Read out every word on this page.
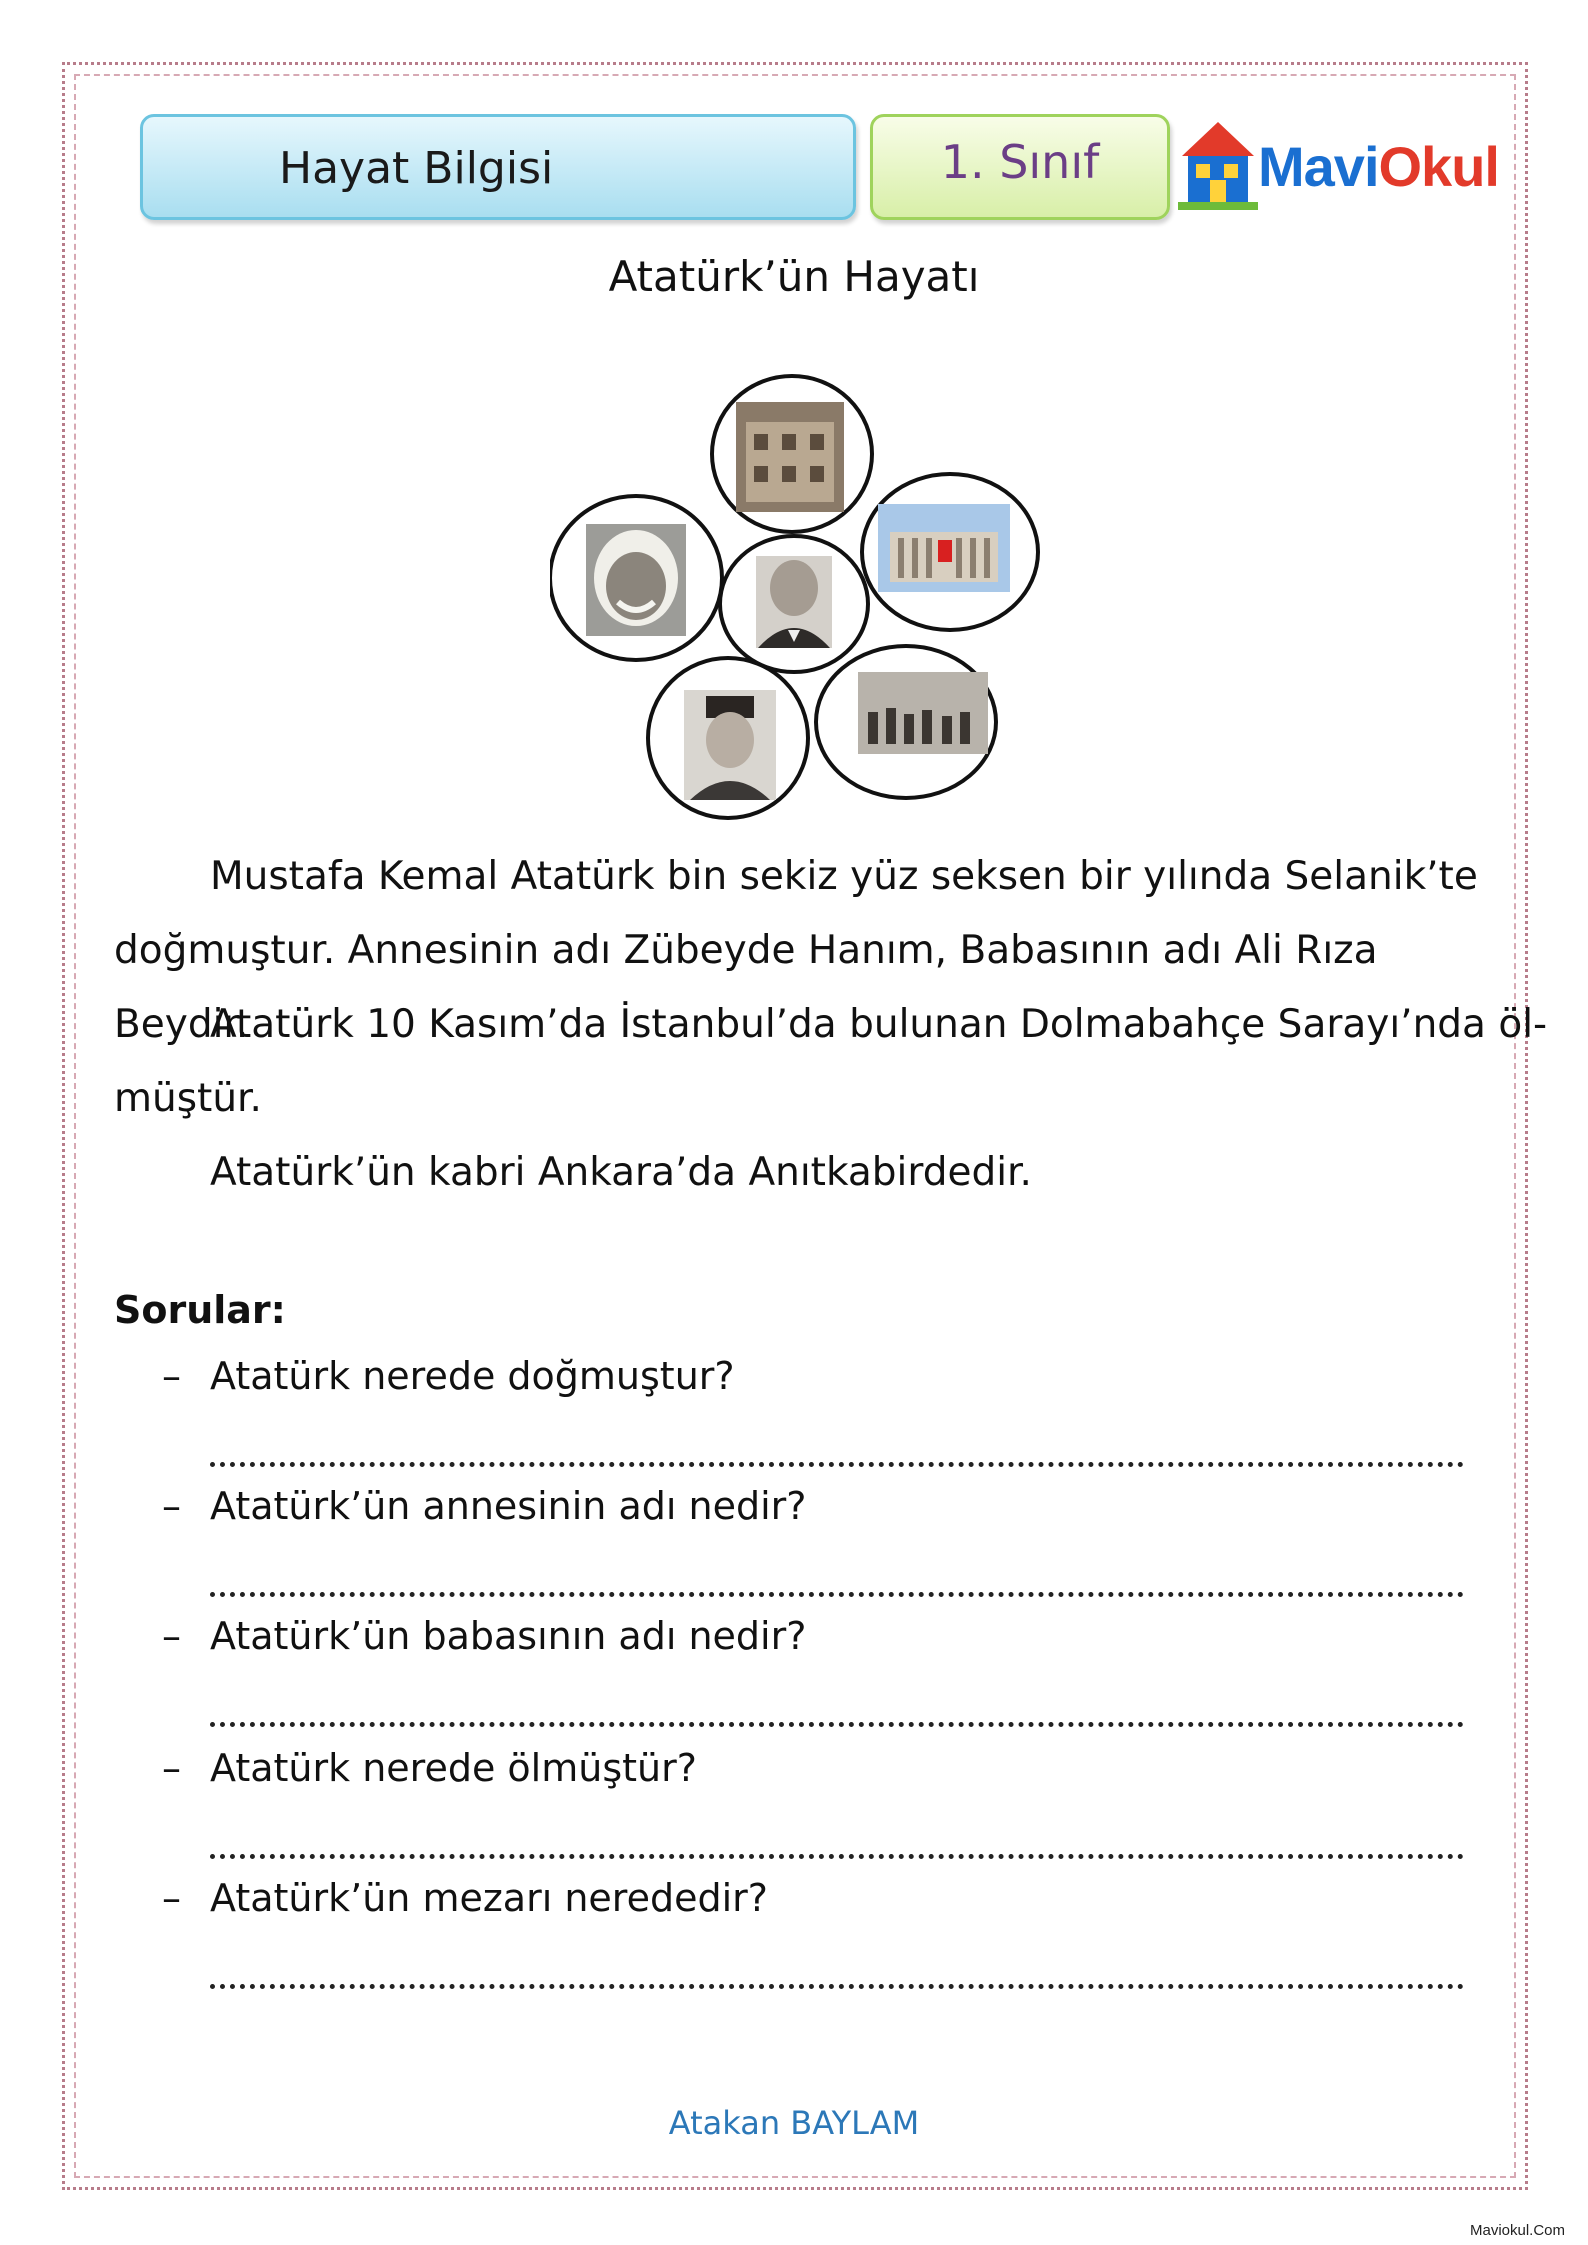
Hayat Bilgisi	1. Sınıf	MaviOkul
Atatürk’ün Hayatı
Mustafa Kemal Atatürk bin sekiz yüz seksen bir yılında Selanik’te
doğmuştur. Annesinin adı Zübeyde Hanım, Babasının adı Ali Rıza Beydir.
Atatürk 10 Kasım’da İstanbul’da bulunan Dolmabahçe Sarayı’nda öl-
müştür.
Atatürk’ün kabri Ankara’da Anıtkabirdedir.
Sorular:
– Atatürk nerede doğmuştur?
– Atatürk’ün annesinin adı nedir?
– Atatürk’ün babasının adı nedir?
– Atatürk nerede ölmüştür?
– Atatürk’ün mezarı nerededir?
Atakan BAYLAM
Maviokul.Com
